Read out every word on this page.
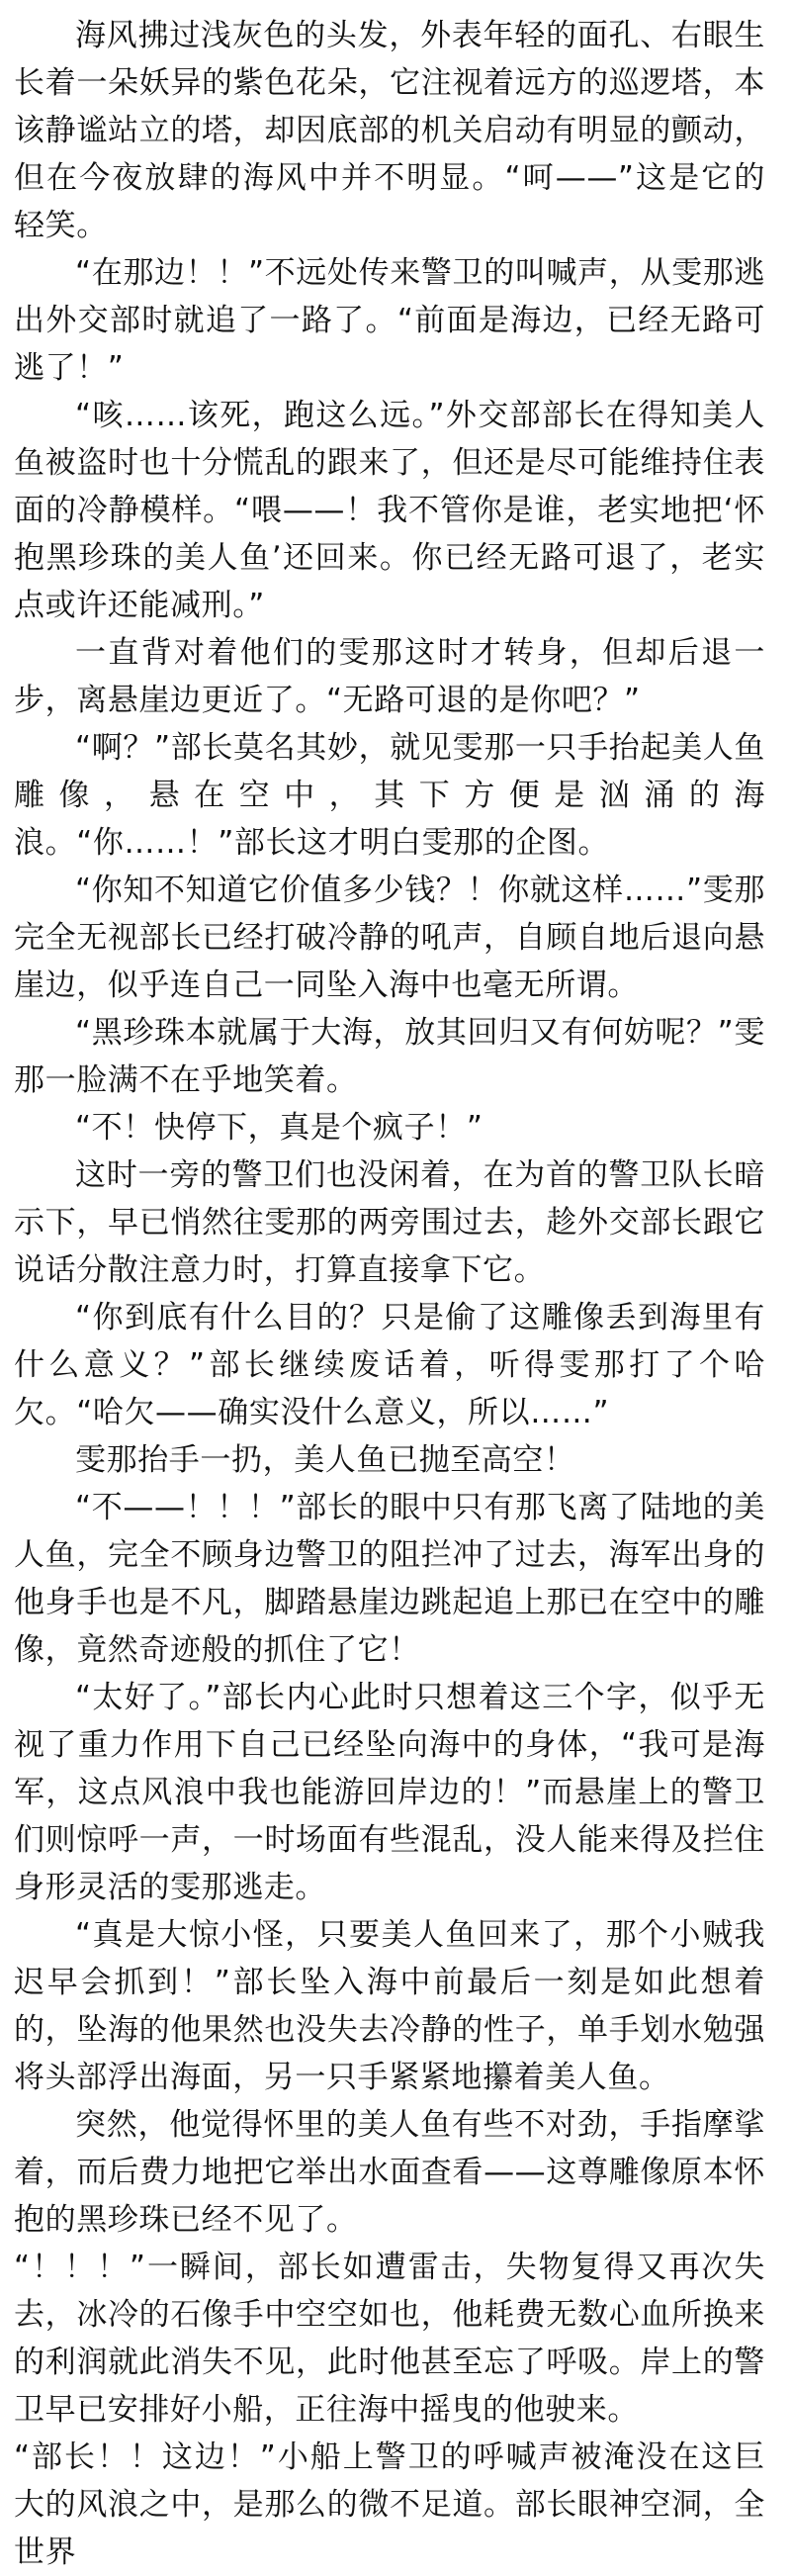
海风拂过浅灰色的头发，外表年轻的面孔、右眼生长着一朵妖异的紫色花朵，它注视着远方的巡逻塔，本该静谧站立的塔，却因底部的机关启动有明显的颤动，但在今夜放肆的海风中并不明显。“呵——”这是它的轻笑。

“在那边！！”不远处传来警卫的叫喊声，从雯那逃出外交部时就追了一路了。“前面是海边，已经无路可逃了！”

“咳……该死，跑这么远。”外交部部长在得知美人鱼被盗时也十分慌乱的跟来了，但还是尽可能维持住表面的冷静模样。“喂——！我不管你是谁，老实地把‘怀抱黑珍珠的美人鱼’还回来。你已经无路可退了，老实点或许还能减刑。”

一直背对着他们的雯那这时才转身，但却后退一步，离悬崖边更近了。“无路可退的是你吧？”

“啊？”部长莫名其妙，就见雯那一只手抬起美人鱼雕像，悬在空中，其下方便是汹涌的海浪。“你……！”部长这才明白雯那的企图。

“你知不知道它价值多少钱？！你就这样……”雯那完全无视部长已经打破冷静的吼声，自顾自地后退向悬崖边，似乎连自己一同坠入海中也毫无所谓。

“黑珍珠本就属于大海，放其回归又有何妨呢？”雯那一脸满不在乎地笑着。

“不！快停下，真是个疯子！”

这时一旁的警卫们也没闲着，在为首的警卫队长暗示下，早已悄然往雯那的两旁围过去，趁外交部长跟它说话分散注意力时，打算直接拿下它。

“你到底有什么目的？只是偷了这雕像丢到海里有什么意义？”部长继续废话着，听得雯那打了个哈欠。“哈欠——确实没什么意义，所以……”

雯那抬手一扔，美人鱼已抛至高空！

“不——！！！”部长的眼中只有那飞离了陆地的美人鱼，完全不顾身边警卫的阻拦冲了过去，海军出身的他身手也是不凡，脚踏悬崖边跳起追上那已在空中的雕像，竟然奇迹般的抓住了它！

“太好了。”部长内心此时只想着这三个字，似乎无视了重力作用下自己已经坠向海中的身体，“我可是海军，这点风浪中我也能游回岸边的！”而悬崖上的警卫们则惊呼一声，一时场面有些混乱，没人能来得及拦住身形灵活的雯那逃走。

“真是大惊小怪，只要美人鱼回来了，那个小贼我迟早会抓到！”部长坠入海中前最后一刻是如此想着的，坠海的他果然也没失去冷静的性子，单手划水勉强将头部浮出海面，另一只手紧紧地攥着美人鱼。

突然，他觉得怀里的美人鱼有些不对劲，手指摩挲着，而后费力地把它举出水面查看——这尊雕像原本怀抱的黑珍珠已经不见了。

“！！！”一瞬间，部长如遭雷击，失物复得又再次失去，冰冷的石像手中空空如也，他耗费无数心血所换来的利润就此消失不见，此时他甚至忘了呼吸。岸上的警卫早已安排好小船，正往海中摇曳的他驶来。

“部长！！这边！”小船上警卫的呼喊声被淹没在这巨大的风浪之中，是那么的微不足道。部长眼神空洞，全世界
